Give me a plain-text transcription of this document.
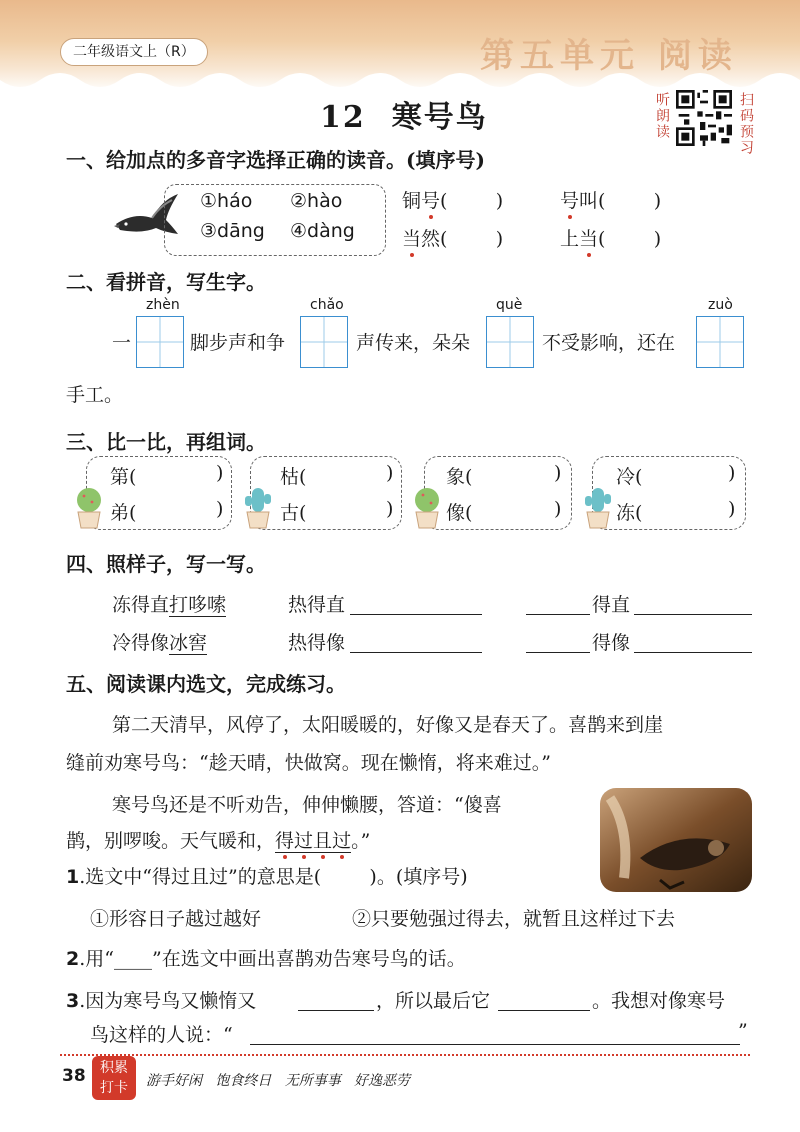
二年级语文上（R）	第五单元 阅读
12 寒号鸟	听朗读	扫码预习
一、给加点的多音字选择正确的读音。(填序号)
①háo ②hào
③dāng ④dàng
铜号(        )	号叫(        )
当然(        )	上当(        )
二、看拼音，写生字。
zhèn	chǎo	què	zuò
一	脚步声和争	声传来，朵朵	不受影响，还在
手工。
三、比一比，再组词。
第(	)
弟(	)
枯(	)
古(	)
象(	)
像(	)
冷(	)
冻(	)
四、照样子，写一写。
冻得直打哆嗦
冷得像冰窖
热得直	得直
热得像	得像
五、阅读课内选文，完成练习。
第二天清早，风停了，太阳暖暖的，好像又是春天了。喜鹊来到崖
缝前劝寒号鸟：“趁天晴，快做窝。现在懒惰，将来难过。”
寒号鸟还是不听劝告，伸伸懒腰，答道：“傻喜
鹊，别啰唆。天气暖和，得过且过。”
1.选文中“得过且过”的意思是(        )。(填序号)
①形容日子越过越好	②只要勉强过得去，就暂且这样过下去
2.用“____”在选文中画出喜鹊劝告寒号鸟的话。
3.因为寒号鸟又懒惰又	，所以最后它	。我想对像寒号
鸟这样的人说：“	”
38	积累
打卡	游手好闲   饱食终日   无所事事   好逸恶劳
